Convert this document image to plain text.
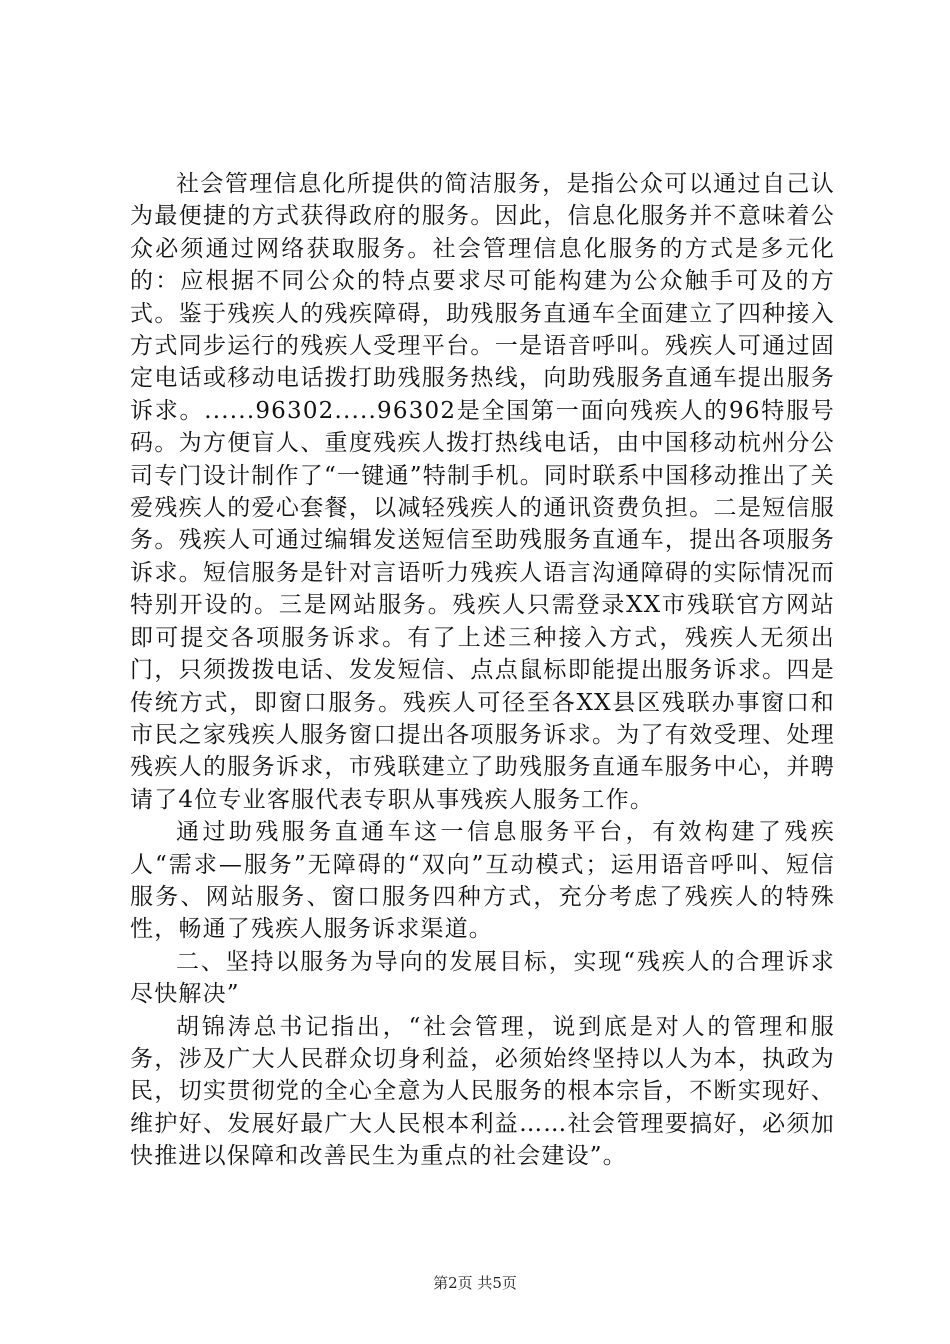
社会管理信息化所提供的简洁服务，是指公众可以通过自己认为最便捷的方式获得政府的服务。因此，信息化服务并不意味着公众必须通过网络获取服务。社会管理信息化服务的方式是多元化的：应根据不同公众的特点要求尽可能构建为公众触手可及的方式。鉴于残疾人的残疾障碍，助残服务直通车全面建立了四种接入方式同步运行的残疾人受理平台。一是语音呼叫。残疾人可通过固定电话或移动电话拨打助残服务热线，向助残服务直通车提出服务诉求。......96302.....96302是全国第一面向残疾人的96特服号码。为方便盲人、重度残疾人拨打热线电话，由中国移动杭州分公司专门设计制作了“一键通”特制手机。同时联系中国移动推出了关爱残疾人的爱心套餐，以减轻残疾人的通讯资费负担。二是短信服务。残疾人可通过编辑发送短信至助残服务直通车，提出各项服务诉求。短信服务是针对言语听力残疾人语言沟通障碍的实际情况而特别开设的。三是网站服务。残疾人只需登录XX市残联官方网站即可提交各项服务诉求。有了上述三种接入方式，残疾人无须出门，只须拨拨电话、发发短信、点点鼠标即能提出服务诉求。四是传统方式，即窗口服务。残疾人可径至各XX县区残联办事窗口和市民之家残疾人服务窗口提出各项服务诉求。为了有效受理、处理残疾人的服务诉求，市残联建立了助残服务直通车服务中心，并聘请了4位专业客服代表专职从事残疾人服务工作。

通过助残服务直通车这一信息服务平台，有效构建了残疾人“需求—服务”无障碍的“双向”互动模式；运用语音呼叫、短信服务、网站服务、窗口服务四种方式，充分考虑了残疾人的特殊性，畅通了残疾人服务诉求渠道。

二、坚持以服务为导向的发展目标，实现“残疾人的合理诉求尽快解决”

胡锦涛总书记指出，“社会管理，说到底是对人的管理和服务，涉及广大人民群众切身利益，必须始终坚持以人为本，执政为民，切实贯彻党的全心全意为人民服务的根本宗旨，不断实现好、维护好、发展好最广大人民根本利益……社会管理要搞好，必须加快推进以保障和改善民生为重点的社会建设”。

第2页 共5页
